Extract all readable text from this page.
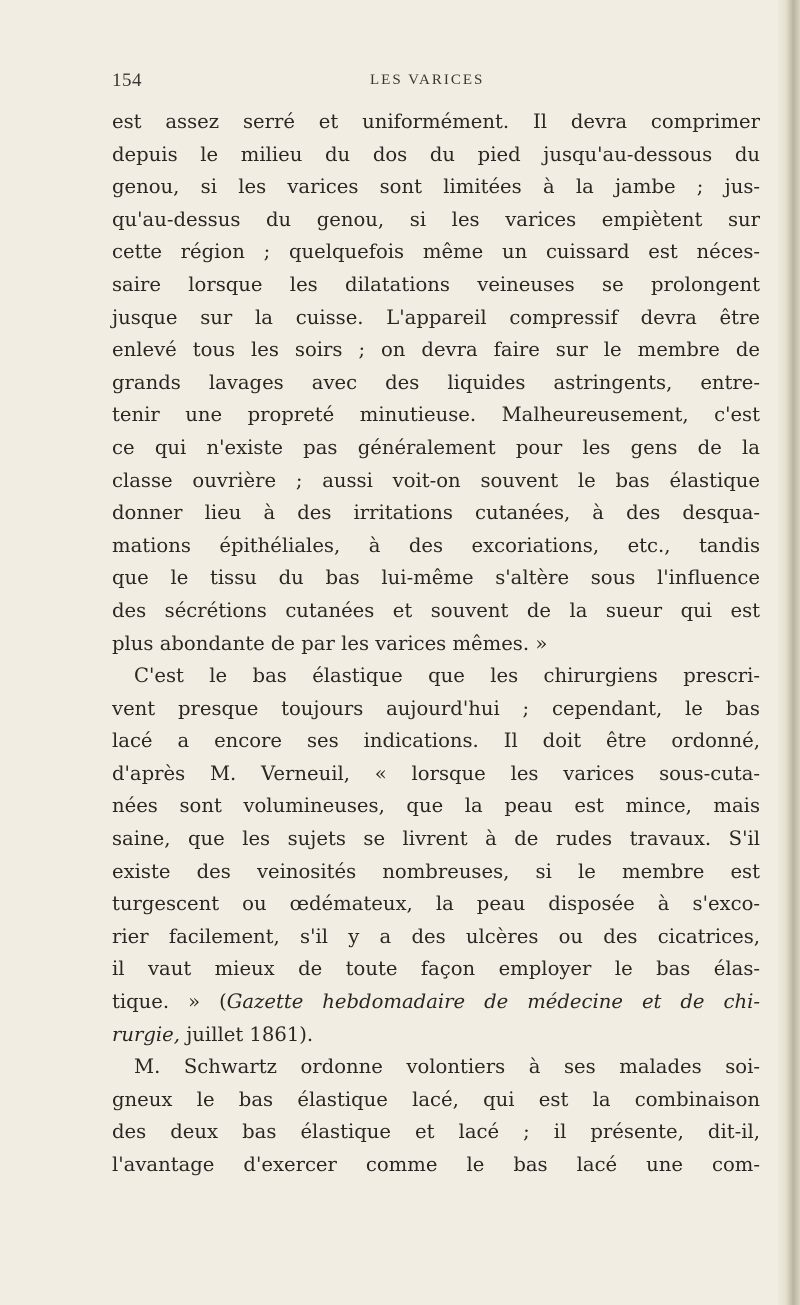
154	LES VARICES
est assez serré et uniformément. Il devra comprimer
depuis le milieu du dos du pied jusqu'au-dessous du
genou, si les varices sont limitées à la jambe ; jus-
qu'au-dessus du genou, si les varices empiètent sur
cette région ; quelquefois même un cuissard est néces-
saire lorsque les dilatations veineuses se prolongent
jusque sur la cuisse. L'appareil compressif devra être
enlevé tous les soirs ; on devra faire sur le membre de
grands lavages avec des liquides astringents, entre-
tenir une propreté minutieuse. Malheureusement, c'est
ce qui n'existe pas généralement pour les gens de la
classe ouvrière ; aussi voit-on souvent le bas élastique
donner lieu à des irritations cutanées, à des desqua-
mations épithéliales, à des excoriations, etc., tandis
que le tissu du bas lui-même s'altère sous l'influence
des sécrétions cutanées et souvent de la sueur qui est
plus abondante de par les varices mêmes. »
C'est le bas élastique que les chirurgiens prescri-
vent presque toujours aujourd'hui ; cependant, le bas
lacé a encore ses indications. Il doit être ordonné,
d'après M. Verneuil, « lorsque les varices sous-cuta-
nées sont volumineuses, que la peau est mince, mais
saine, que les sujets se livrent à de rudes travaux. S'il
existe des veinosités nombreuses, si le membre est
turgescent ou œdémateux, la peau disposée à s'exco-
rier facilement, s'il y a des ulcères ou des cicatrices,
il vaut mieux de toute façon employer le bas élas-
tique. » (Gazette hebdomadaire de médecine et de chi-
rurgie, juillet 1861).
M. Schwartz ordonne volontiers à ses malades soi-
gneux le bas élastique lacé, qui est la combinaison
des deux bas élastique et lacé ; il présente, dit-il,
l'avantage d'exercer comme le bas lacé une com-
